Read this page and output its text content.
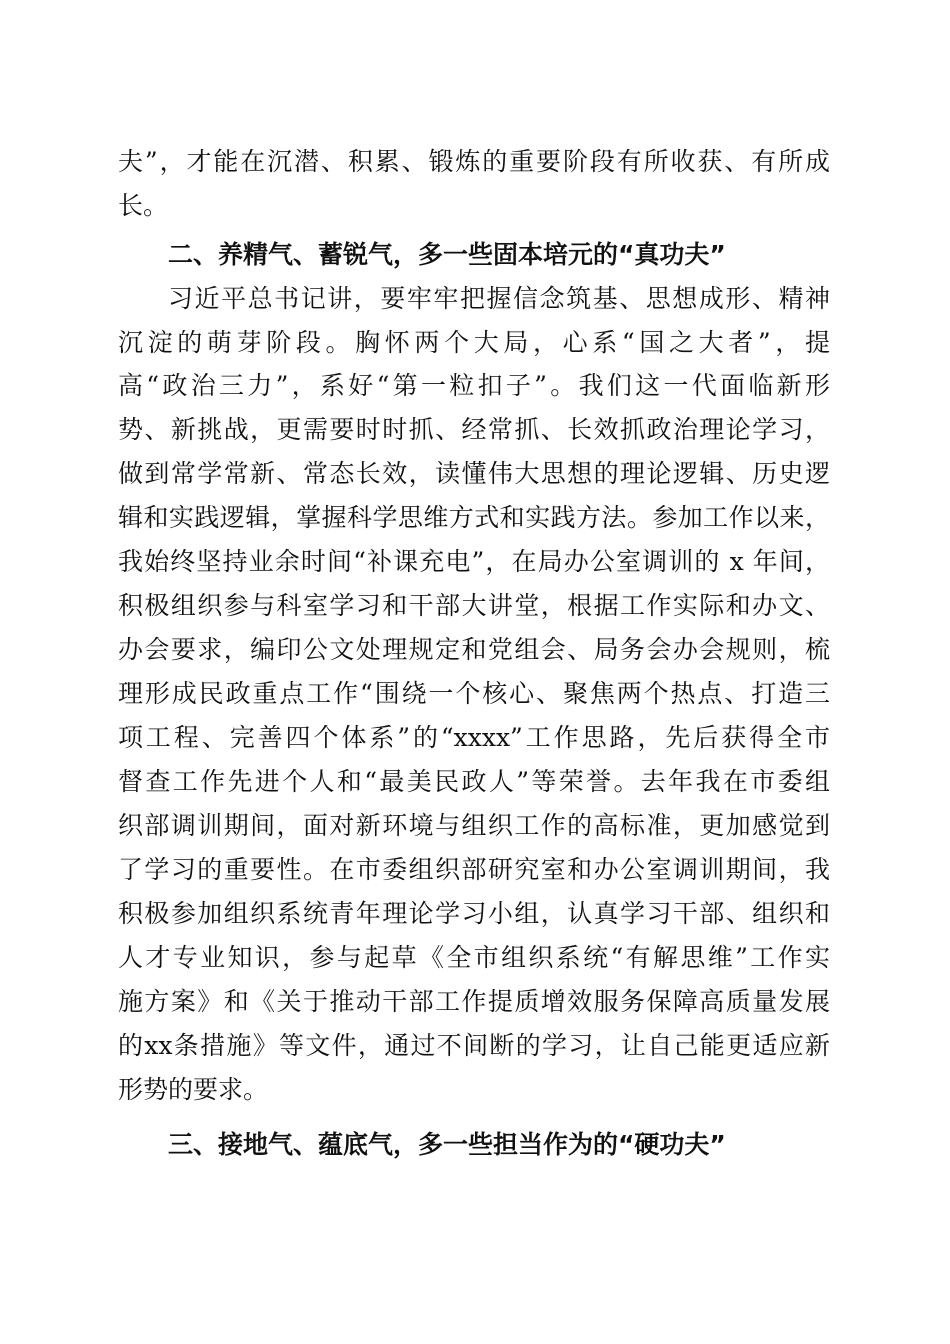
夫”，才能在沉潜、积累、锻炼的重要阶段有所收获、有所成
长。
二、养精气、蓄锐气，多一些固本培元的“真功夫”
习近平总书记讲，要牢牢把握信念筑基、思想成形、精神
沉淀的萌芽阶段。胸怀两个大局，心系“国之大者”，提
高“政治三力”，系好“第一粒扣子”。我们这一代面临新形
势、新挑战，更需要时时抓、经常抓、长效抓政治理论学习，
做到常学常新、常态长效，读懂伟大思想的理论逻辑、历史逻
辑和实践逻辑，掌握科学思维方式和实践方法。参加工作以来，
我始终坚持业余时间“补课充电”，在局办公室调训的 x 年间，
积极组织参与科室学习和干部大讲堂，根据工作实际和办文、
办会要求，编印公文处理规定和党组会、局务会办会规则，梳
理形成民政重点工作“围绕一个核心、聚焦两个热点、打造三
项工程、完善四个体系”的“xxxx”工作思路，先后获得全市
督查工作先进个人和“最美民政人”等荣誉。去年我在市委组
织部调训期间，面对新环境与组织工作的高标准，更加感觉到
了学习的重要性。在市委组织部研究室和办公室调训期间，我
积极参加组织系统青年理论学习小组，认真学习干部、组织和
人才专业知识，参与起草《全市组织系统“有解思维”工作实
施方案》和《关于推动干部工作提质增效服务保障高质量发展
的xx条措施》等文件，通过不间断的学习，让自己能更适应新
形势的要求。
三、接地气、蕴底气，多一些担当作为的“硬功夫”
